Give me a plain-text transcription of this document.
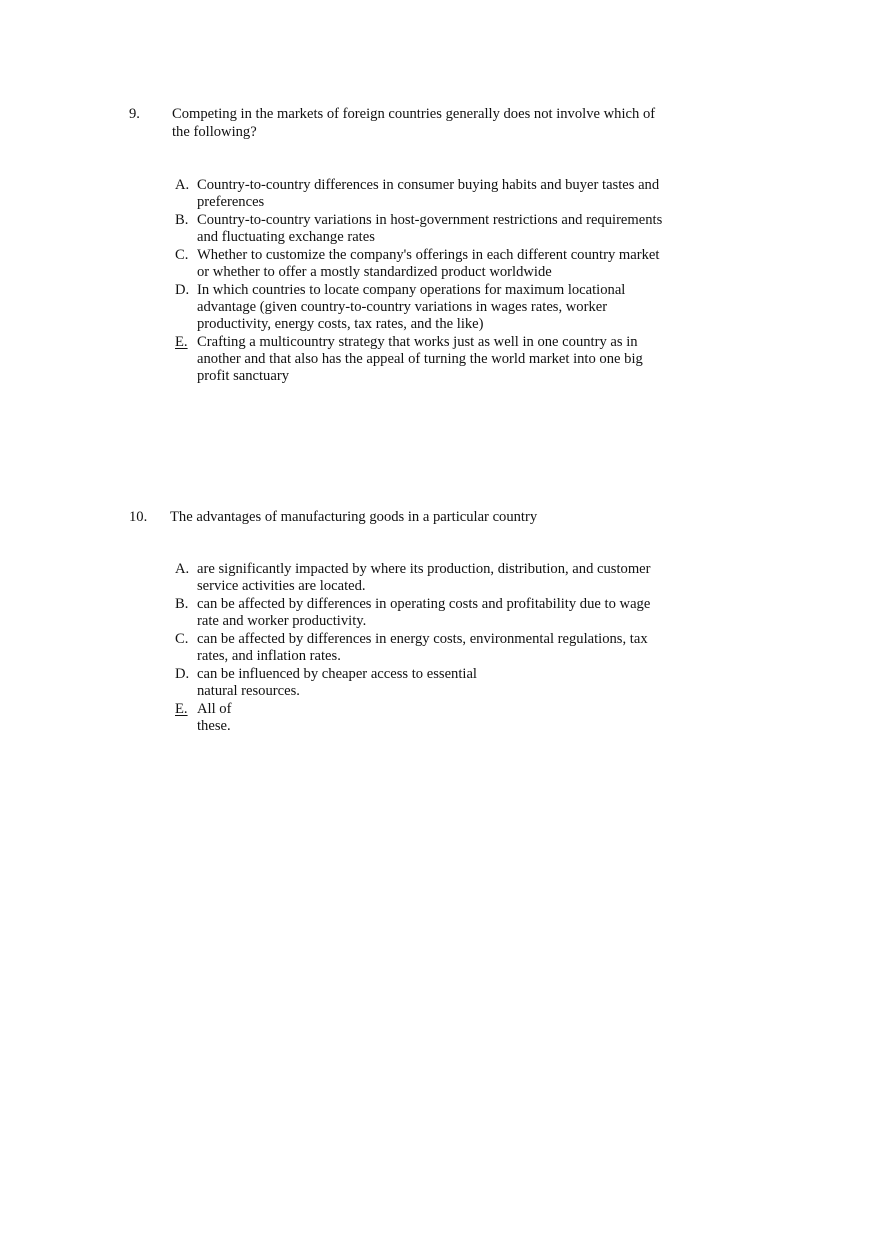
9. Competing in the markets of foreign countries generally does not involve which of the following?
A. Country-to-country differences in consumer buying habits and buyer tastes and preferences
B. Country-to-country variations in host-government restrictions and requirements and fluctuating exchange rates
C. Whether to customize the company's offerings in each different country market or whether to offer a mostly standardized product worldwide
D. In which countries to locate company operations for maximum locational advantage (given country-to-country variations in wages rates, worker productivity, energy costs, tax rates, and the like)
E. Crafting a multicountry strategy that works just as well in one country as in another and that also has the appeal of turning the world market into one big profit sanctuary
10. The advantages of manufacturing goods in a particular country
A. are significantly impacted by where its production, distribution, and customer service activities are located.
B. can be affected by differences in operating costs and profitability due to wage rate and worker productivity.
C. can be affected by differences in energy costs, environmental regulations, tax rates, and inflation rates.
D. can be influenced by cheaper access to essential natural resources.
E. All of these.
